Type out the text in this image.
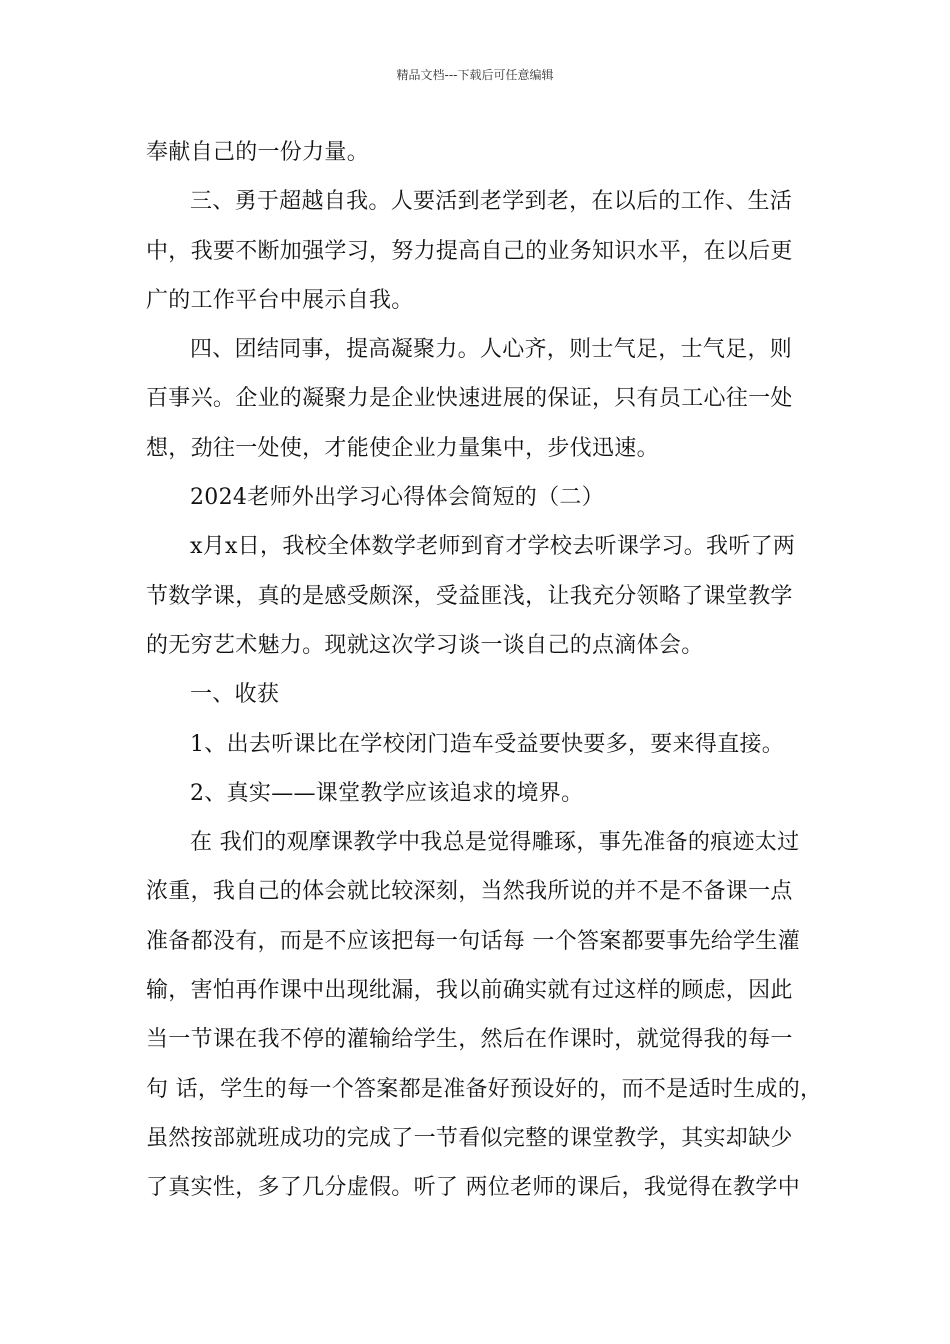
精品文档---下载后可任意编辑
奉献自己的一份力量。
三、勇于超越自我。人要活到老学到老，在以后的工作、生活
中，我要不断加强学习，努力提高自己的业务知识水平，在以后更
广的工作平台中展示自我。
四、团结同事，提高凝聚力。人心齐，则士气足，士气足，则
百事兴。企业的凝聚力是企业快速进展的保证，只有员工心往一处
想，劲往一处使，才能使企业力量集中，步伐迅速。
2024老师外出学习心得体会简短的（二）
x月x日，我校全体数学老师到育才学校去听课学习。我听了两
节数学课，真的是感受颇深，受益匪浅，让我充分领略了课堂教学
的无穷艺术魅力。现就这次学习谈一谈自己的点滴体会。
一、收获
1、出去听课比在学校闭门造车受益要快要多，要来得直接。
2、真实——课堂教学应该追求的境界。
在 我们的观摩课教学中我总是觉得雕琢，事先准备的痕迹太过
浓重，我自己的体会就比较深刻，当然我所说的并不是不备课一点
准备都没有，而是不应该把每一句话每 一个答案都要事先给学生灌
输，害怕再作课中出现纰漏，我以前确实就有过这样的顾虑，因此
当一节课在我不停的灌输给学生，然后在作课时，就觉得我的每一
句 话，学生的每一个答案都是准备好预设好的，而不是适时生成的，
虽然按部就班成功的完成了一节看似完整的课堂教学，其实却缺少
了真实性，多了几分虚假。听了 两位老师的课后，我觉得在教学中
